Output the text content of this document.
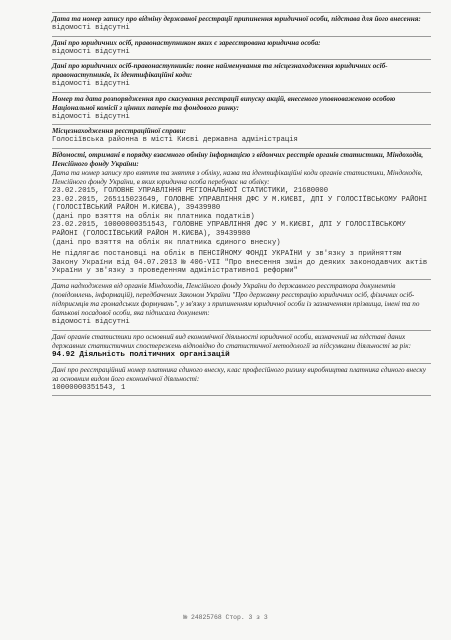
Дата та номер запису про відміну державної реєстрації припинення юридичної особи, підстава для його внесення:
відомості відсутні
Дані про юридичних осіб, правонаступником яких є зареєстрована юридична особа:
відомості відсутні
Дані про юридичних осіб-правонаступників: повне найменування та місцезнаходження юридичних осіб-правонаступників, їх ідентифікаційні коди:
відомості відсутні
Номер та дата розпорядження про скасування реєстрації випуску акцій, внесеного уповноваженою особою Національної комісії з цінних паперів та фондового ринку:
відомості відсутні
Місцезнаходження реєстраційної справи:
Голосіївська районна в місті Києві державна адміністрація
Відомості, отримані в порядку взаємного обміну інформацією з відомчих реєстрів органів статистики, Міндоходів, Пенсійного фонду України:
Дата та номер запису про взяття та зняття з обліку, назва та ідентифікаційні коди органів статистики, Міндоходів, Пенсійного фонду України, в яких юридична особа перебуває на обліку:
23.02.2015, ГОЛОВНЕ УПРАВЛІННЯ РЕГІОНАЛЬНОЇ СТАТИСТИКИ, 21680000
23.02.2015, 265115023649, ГОЛОВНЕ УПРАВЛІННЯ ДФС У М.КИЄВІ, ДПІ У ГОЛОСІЇВСЬКОМУ РАЙОНІ (ГОЛОСІЇВСЬКИЙ РАЙОН М.КИЄВА), 39439980
(дані про взяття на облік як платника податків)
23.02.2015, 10000000351543, ГОЛОВНЕ УПРАВЛІННЯ ДФС У М.КИЄВІ, ДПІ У ГОЛОСІЇВСЬКОМУ РАЙОНІ (ГОЛОСІЇВСЬКИЙ РАЙОН М.КИЄВА), 39439980
(дані про взяття на облік як платника єдиного внеску)
Не підлягає постановці на облік в ПЕНСІЙНОМУ ФОНДІ УКРАЇНИ у зв'язку з прийняттям Закону України від 04.07.2013 № 406-VII "Про внесення змін до деяких законодавчих актів України у зв'язку з проведенням адміністративної реформи"
Дата надходження від органів Міндоходів, Пенсійного фонду України до державного реєстратора документів (повідомлень, інформацій), передбачених Законом України "Про державну реєстрацію юридичних осіб, фізичних осіб-підприємців та громадських формувань", у зв'язку з припиненням юридичної особи із зазначенням прізвища, імені та по батькові посадової особи, яка підписала документ:
відомості відсутні
Дані органів статистики про основний вид економічної діяльності юридичної особи, визначений на підставі даних державних статистичних спостережень відповідно до статистичної методології за підсумками діяльності за рік:
94.92 Діяльність політичних організацій
Дані про реєстраційний номер платника єдиного внеску, клас професійного ризику виробництва платника єдиного внеску за основним видом його економічної діяльності:
10000000351543, 1
№ 24825768 Стор. 3 з 3
